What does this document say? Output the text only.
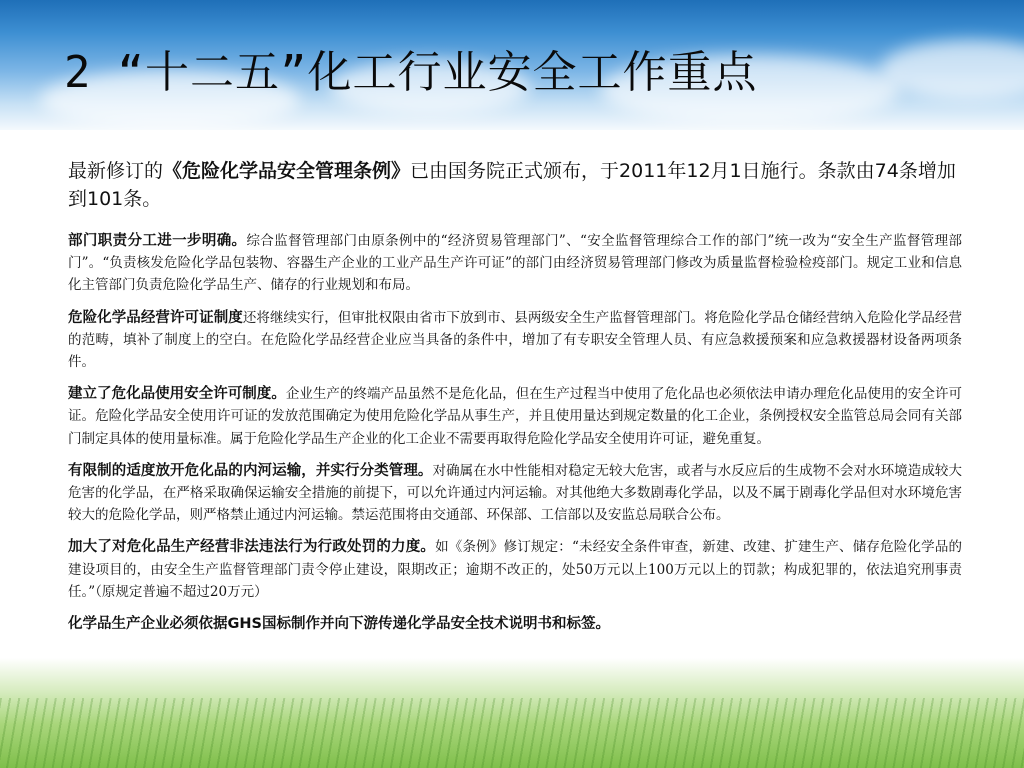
2 “十二五”化工行业安全工作重点
最新修订的《危险化学品安全管理条例》已由国务院正式颁布，于2011年12月1日施行。条款由74条增加到101条。
部门职责分工进一步明确。综合监督管理部门由原条例中的“经济贸易管理部门”、“安全监督管理综合工作的部门”统一改为“安全生产监督管理部门”。“负责核发危险化学品包装物、容器生产企业的工业产品生产许可证”的部门由经济贸易管理部门修改为质量监督检验检疫部门。规定工业和信息化主管部门负责危险化学品生产、储存的行业规划和布局。
危险化学品经营许可证制度还将继续实行，但审批权限由省市下放到市、县两级安全生产监督管理部门。将危险化学品仓储经营纳入危险化学品经营的范畴，填补了制度上的空白。在危险化学品经营企业应当具备的条件中，增加了有专职安全管理人员、有应急救援预案和应急救援器材设备两项条件。
建立了危化品使用安全许可制度。企业生产的终端产品虽然不是危化品，但在生产过程当中使用了危化品也必须依法申请办理危化品使用的安全许可证。危险化学品安全使用许可证的发放范围确定为使用危险化学品从事生产，并且使用量达到规定数量的化工企业，条例授权安全监管总局会同有关部门制定具体的使用量标准。属于危险化学品生产企业的化工企业不需要再取得危险化学品安全使用许可证，避免重复。
有限制的适度放开危化品的内河运输，并实行分类管理。对确属在水中性能相对稳定无较大危害，或者与水反应后的生成物不会对水环境造成较大危害的化学品，在严格采取确保运输安全措施的前提下，可以允许通过内河运输。对其他绝大多数剧毒化学品，以及不属于剧毒化学品但对水环境危害较大的危险化学品，则严格禁止通过内河运输。禁运范围将由交通部、环保部、工信部以及安监总局联合公布。
加大了对危化品生产经营非法违法行为行政处罚的力度。如《条例》修订规定：“未经安全条件审查，新建、改建、扩建生产、储存危险化学品的建设项目的，由安全生产监督管理部门责令停止建设，限期改正；逾期不改正的，处50万元以上100万元以上的罚款；构成犯罪的，依法追究刑事责任。”（原规定普遍不超过20万元）
化学品生产企业必须依据GHS国标制作并向下游传递化学品安全技术说明书和标签。
